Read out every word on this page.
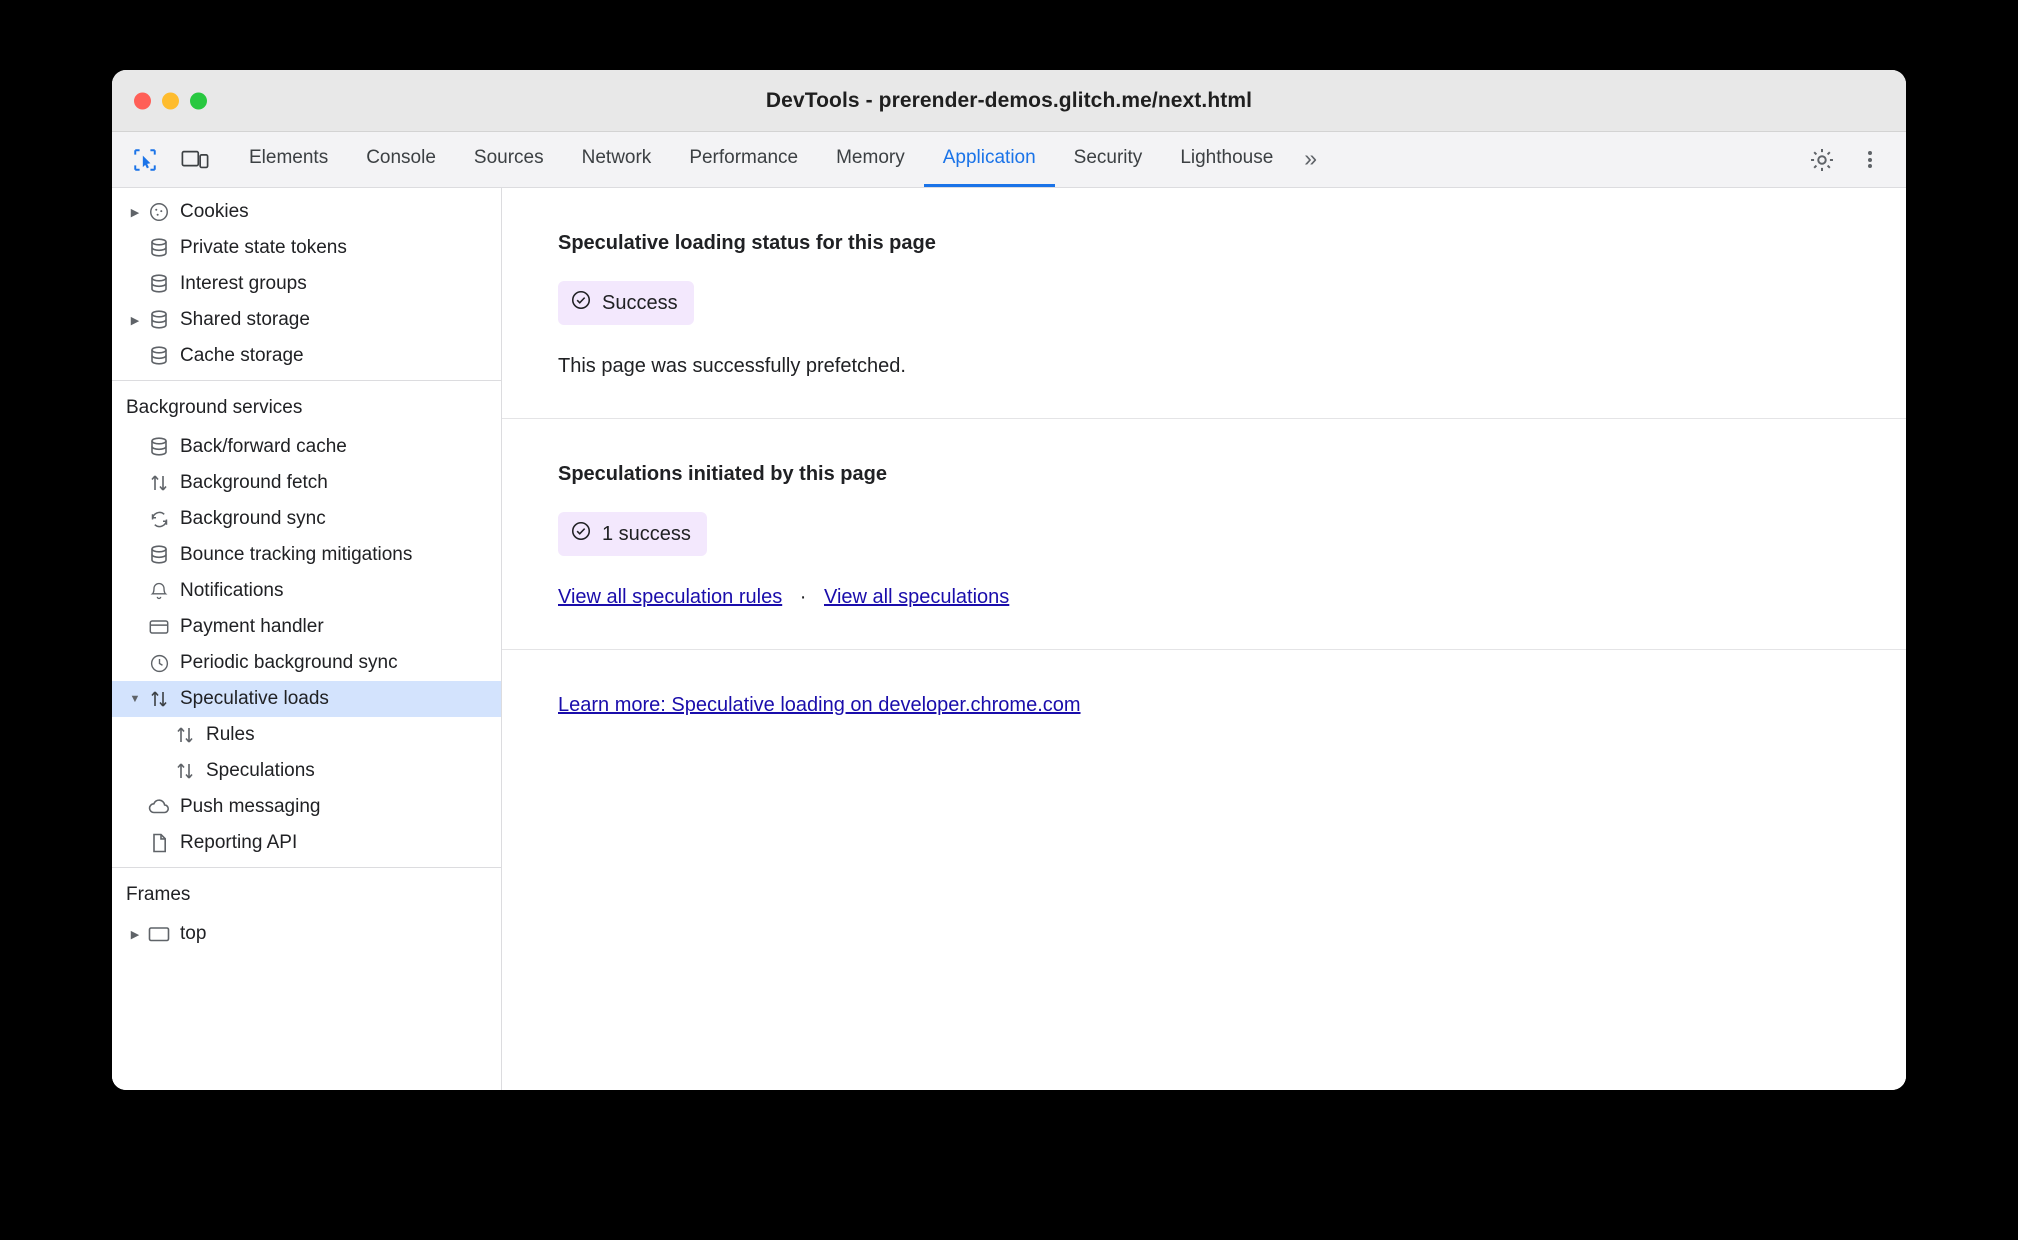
DevTools - prerender-demos.glitch.me/next.html
Elements	Console	Sources	Network	Performance	Memory	Application	Security	Lighthouse	»
▶ Cookies
Private state tokens
Interest groups
▶ Shared storage
Cache storage
Background services
Back/forward cache
Background fetch
Background sync
Bounce tracking mitigations
Notifications
Payment handler
Periodic background sync
▼ Speculative loads
Rules
Speculations
Push messaging
Reporting API
Frames
▶ top
Speculative loading status for this page
Success
This page was successfully prefetched.
Speculations initiated by this page
1 success
View all speculation rules · View all speculations
Learn more: Speculative loading on developer.chrome.com
